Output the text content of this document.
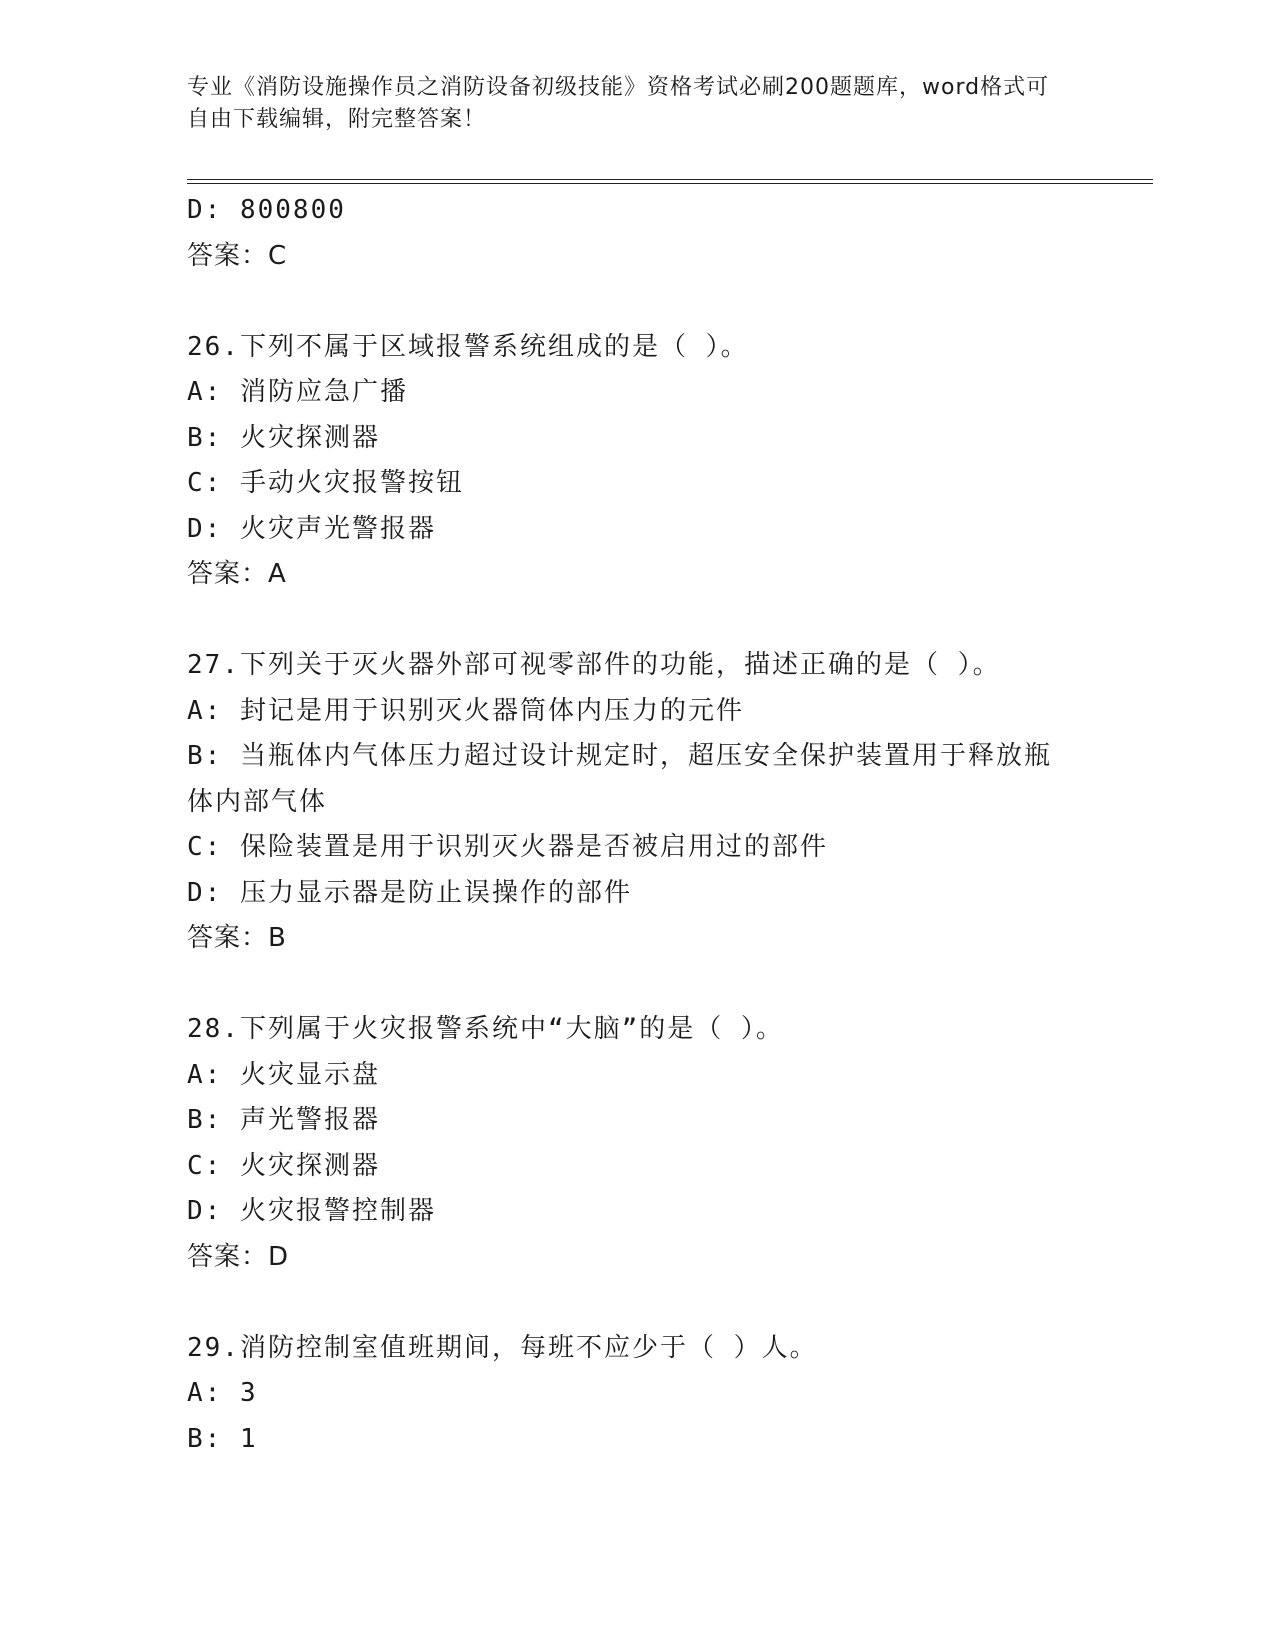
专业《消防设施操作员之消防设备初级技能》资格考试必刷200题题库，word格式可自由下载编辑，附完整答案！
D: 800800
答案：C
26.下列不属于区域报警系统组成的是（ ）。
A: 消防应急广播
B: 火灾探测器
C: 手动火灾报警按钮
D: 火灾声光警报器
答案：A
27.下列关于灭火器外部可视零部件的功能，描述正确的是（ ）。
A: 封记是用于识别灭火器筒体内压力的元件
B: 当瓶体内气体压力超过设计规定时，超压安全保护装置用于释放瓶体内部气体
C: 保险装置是用于识别灭火器是否被启用过的部件
D: 压力显示器是防止误操作的部件
答案：B
28.下列属于火灾报警系统中“大脑”的是（ ）。
A: 火灾显示盘
B: 声光警报器
C: 火灾探测器
D: 火灾报警控制器
答案：D
29.消防控制室值班期间，每班不应少于（ ）人。
A: 3
B: 1
